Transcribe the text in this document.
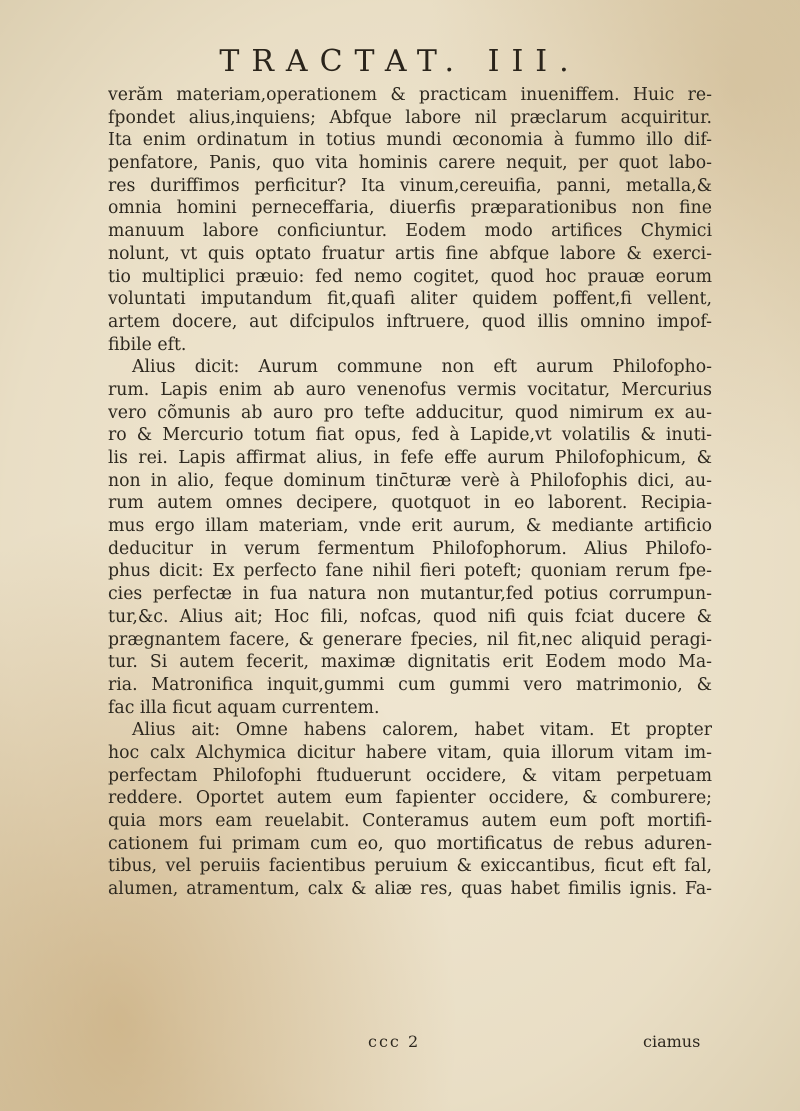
TRACTAT. III.
verăm materiam,operationem & practicam inueniffem. Huic re-
fpondet alius,inquiens; Abfque labore nil præclarum acquiritur.
Ita enim ordinatum in totius mundi œconomia à fummo illo dif-
penfatore, Panis, quo vita hominis carere nequit, per quot labo-
res duriffimos perficitur? Ita vinum,cereuifia, panni, metalla,&
omnia homini perneceffaria, diuerfis præparationibus non fine
manuum labore conficiuntur. Eodem modo artifices Chymici
nolunt, vt quis optato fruatur artis fine abfque labore & exerci-
tio multiplici præuio: fed nemo cogitet, quod hoc prauæ eorum
voluntati imputandum fit,quafi aliter quidem poffent,fi vellent,
artem docere, aut difcipulos inftruere, quod illis omnino impof-
fibile eft.
Alius dicit: Aurum commune non eft aurum Philofopho-
rum. Lapis enim ab auro venenofus vermis vocitatur, Mercurius
vero cõmunis ab auro pro tefte adducitur, quod nimirum ex au-
ro & Mercurio totum fiat opus, fed à Lapide,vt volatilis & inuti-
lis rei. Lapis affirmat alius, in fefe effe aurum Philofophicum, &
non in alio, feque dominum tinc̄turæ verè à Philofophis dici, au-
rum autem omnes decipere, quotquot in eo laborent. Recipia-
mus ergo illam materiam, vnde erit aurum, & mediante artificio
deducitur in verum fermentum Philofophorum. Alius Philofo-
phus dicit: Ex perfecto fane nihil fieri poteft; quoniam rerum fpe-
cies perfectæ in fua natura non mutantur,fed potius corrumpun-
tur,&c. Alius ait; Hoc fili, nofcas, quod nifi quis fciat ducere &
prægnantem facere, & generare fpecies, nil fit,nec aliquid peragi-
tur. Si autem fecerit, maximæ dignitatis erit Eodem modo Ma-
ria. Matronifica inquit,gummi cum gummi vero matrimonio, &
fac illa ficut aquam currentem.
Alius ait: Omne habens calorem, habet vitam. Et propter
hoc calx Alchymica dicitur habere vitam, quia illorum vitam im-
perfectam Philofophi ftuduerunt occidere, & vitam perpetuam
reddere. Oportet autem eum fapienter occidere, & comburere;
quia mors eam reuelabit. Conteramus autem eum poft mortifi-
cationem fui primam cum eo, quo mortificatus de rebus aduren-
tibus, vel peruiis facientibus peruium & exiccantibus, ficut eft fal,
alumen, atramentum, calx & aliæ res, quas habet fimilis ignis. Fa-
ccc 2	ciamus
